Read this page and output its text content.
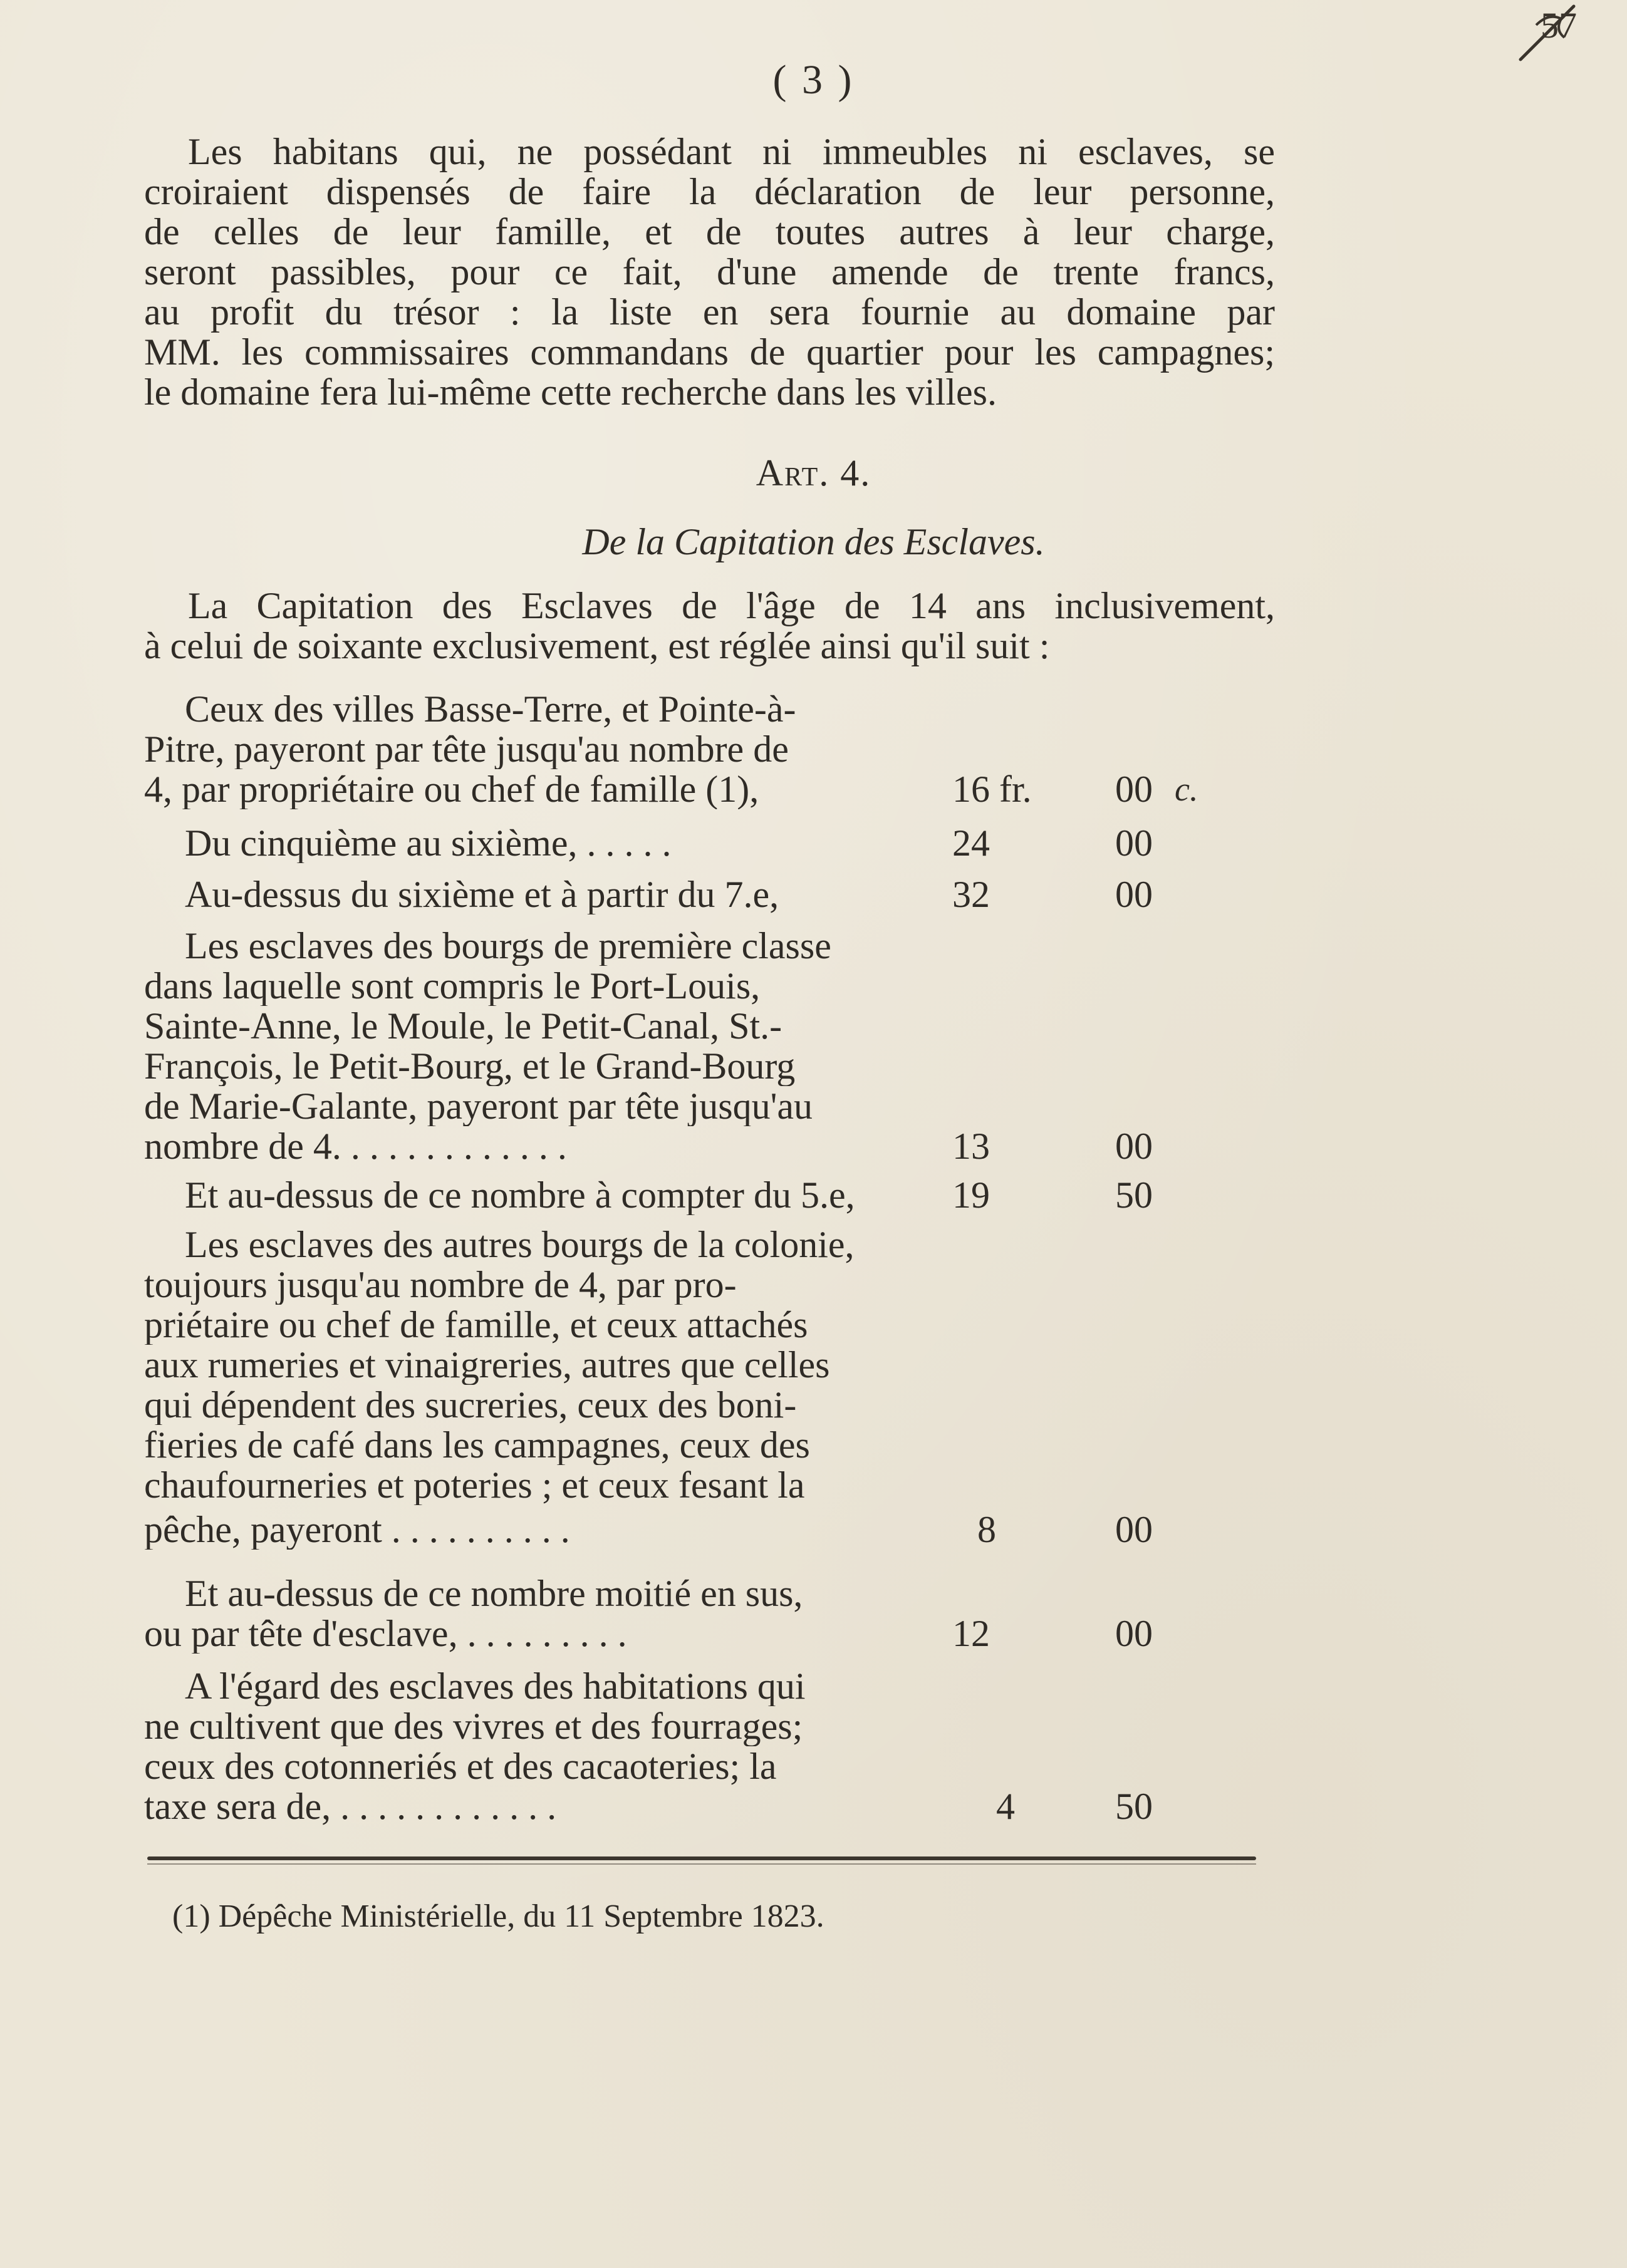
57
( 3 )

Les habitans qui, ne possédant ni immeubles ni esclaves, se

croiraient dispensés de faire la déclaration de leur personne,

de celles de leur famille, et de toutes autres à leur charge,

seront passibles, pour ce fait, d'une amende de trente francs,

au profit du trésor : la liste en sera fournie au domaine par

MM. les commissaires commandans de quartier pour les campagnes;

le domaine fera lui-même cette recherche dans les villes.

Art. 4.
De la Capitation des Esclaves.

La Capitation des Esclaves de l'âge de 14 ans inclusivement,

à celui de soixante exclusivement, est réglée ainsi qu'il suit :

Ceux des villes Basse-Terre, et Pointe-à-
Pitre, payeront par tête jusqu'au nombre de
4, par propriétaire ou chef de famille (1),	16 fr.	00 c.
Du cinquième au sixième, . . . . .	24	00
Au-dessus du sixième et à partir du 7.e,	32	00
Les esclaves des bourgs de première classe
dans laquelle sont compris le Port-Louis,
Sainte-Anne, le Moule, le Petit-Canal, St.-
François, le Petit-Bourg, et le Grand-Bourg
de Marie-Galante, payeront par tête jusqu'au
nombre de 4. . . . . . . . . . . . .	13	00
Et au-dessus de ce nombre à compter du 5.e,	19	50
Les esclaves des autres bourgs de la colonie,
toujours jusqu'au nombre de 4, par pro-
priétaire ou chef de famille, et ceux attachés
aux rumeries et vinaigreries, autres que celles
qui dépendent des sucreries, ceux des boni-
fieries de café dans les campagnes, ceux des
chaufourneries et poteries ; et ceux fesant la
pêche, payeront . . . . . . . . . .	8	00
Et au-dessus de ce nombre moitié en sus,
ou par tête d'esclave, . . . . . . . . .	12	00
A l'égard des esclaves des habitations qui
ne cultivent que des vivres et des fourrages;
ceux des cotonneriés et des cacaoteries; la
taxe sera de, . . . . . . . . . . . .	4	50
(1) Dépêche Ministérielle, du 11 Septembre 1823.
